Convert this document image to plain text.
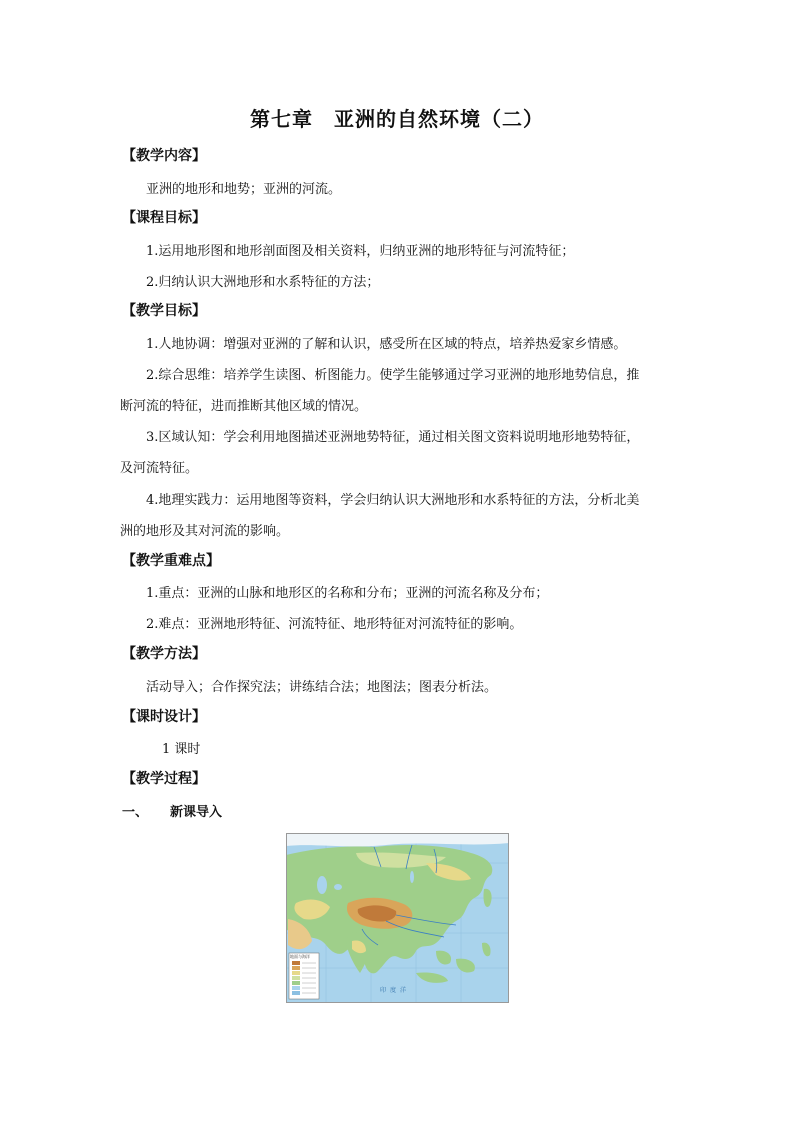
第七章　亚洲的自然环境（二）
【教学内容】
亚洲的地形和地势；亚洲的河流。
【课程目标】
1.运用地形图和地形剖面图及相关资料，归纳亚洲的地形特征与河流特征；
2.归纳认识大洲地形和水系特征的方法；
【教学目标】
1.人地协调：增强对亚洲的了解和认识，感受所在区域的特点，培养热爱家乡情感。
2.综合思维：培养学生读图、析图能力。使学生能够通过学习亚洲的地形地势信息，推
断河流的特征，进而推断其他区域的情况。
3.区域认知：学会利用地图描述亚洲地势特征，通过相关图文资料说明地形地势特征，
及河流特征。
4.地理实践力：运用地图等资料，学会归纳认识大洲地形和水系特征的方法，分析北美
洲的地形及其对河流的影响。
【教学重难点】
1.重点：亚洲的山脉和地形区的名称和分布；亚洲的河流名称及分布；
2.难点：亚洲地形特征、河流特征、地形特征对河流特征的影响。
【教学方法】
活动导入；合作探究法；讲练结合法；地图法；图表分析法。
【课时设计】
1 课时
【教学过程】
一、 新课导入
地面与海洋
印度洋
